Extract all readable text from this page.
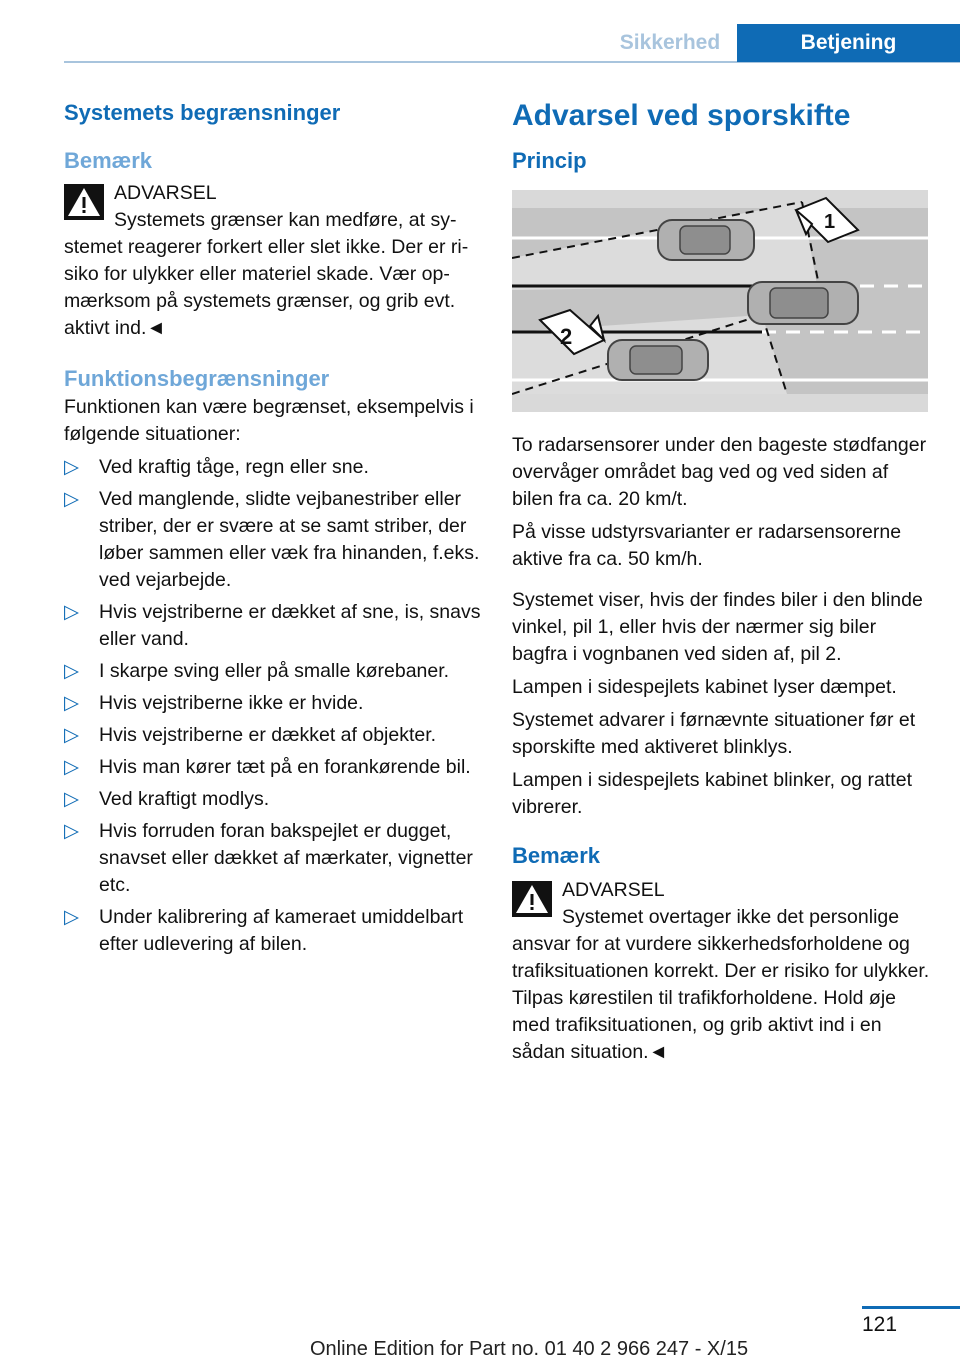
Sikkerhed	Betjening
Systemets begrænsninger
Bemærk
ADVARSEL
Systemets grænser kan medføre, at systemet reagerer forkert eller slet ikke. Der er risiko for ulykker eller materiel skade. Vær opmærksom på systemets grænser, og grib evt. aktivt ind.◄
Funktionsbegrænsninger

Funktionen kan være begrænset, eksempelvis i følgende situationer:

▷ Ved kraftig tåge, regn eller sne.
▷ Ved manglende, slidte vejbanestriber eller striber, der er svære at se samt striber, der løber sammen eller væk fra hinanden, f.eks. ved vejarbejde.
▷ Hvis vejstriberne er dækket af sne, is, snavs eller vand.
▷ I skarpe sving eller på smalle kørebaner.
▷ Hvis vejstriberne ikke er hvide.
▷ Hvis vejstriberne er dækket af objekter.
▷ Hvis man kører tæt på en forankørende bil.
▷ Ved kraftigt modlys.
▷ Hvis forruden foran bakspejlet er dugget, snavset eller dækket af mærkater, vignetter etc.
▷ Under kalibrering af kameraet umiddelbart efter udlevering af bilen.
Advarsel ved sporskifte
Princip
1
2

To radarsensorer under den bageste stødfanger overvåger området bag ved og ved siden af bilen fra ca. 20 km/t.

På visse udstyrsvarianter er radarsensorerne aktive fra ca. 50 km/h.

Systemet viser, hvis der findes biler i den blinde vinkel, pil 1, eller hvis der nærmer sig biler bagfra i vognbanen ved siden af, pil 2.

Lampen i sidespejlets kabinet lyser dæmpet.

Systemet advarer i førnævnte situationer før et sporskifte med aktiveret blinklys.

Lampen i sidespejlets kabinet blinker, og rattet vibrerer.

Bemærk
ADVARSEL
Systemet overtager ikke det personlige ansvar for at vurdere sikkerhedsforholdene og trafiksituationen korrekt. Der er risiko for ulykker. Tilpas kørestilen til trafikforholdene. Hold øje med trafiksituationen, og grib aktivt ind i en sådan situation.◄
121
Online Edition for Part no. 01 40 2 966 247 - X/15
